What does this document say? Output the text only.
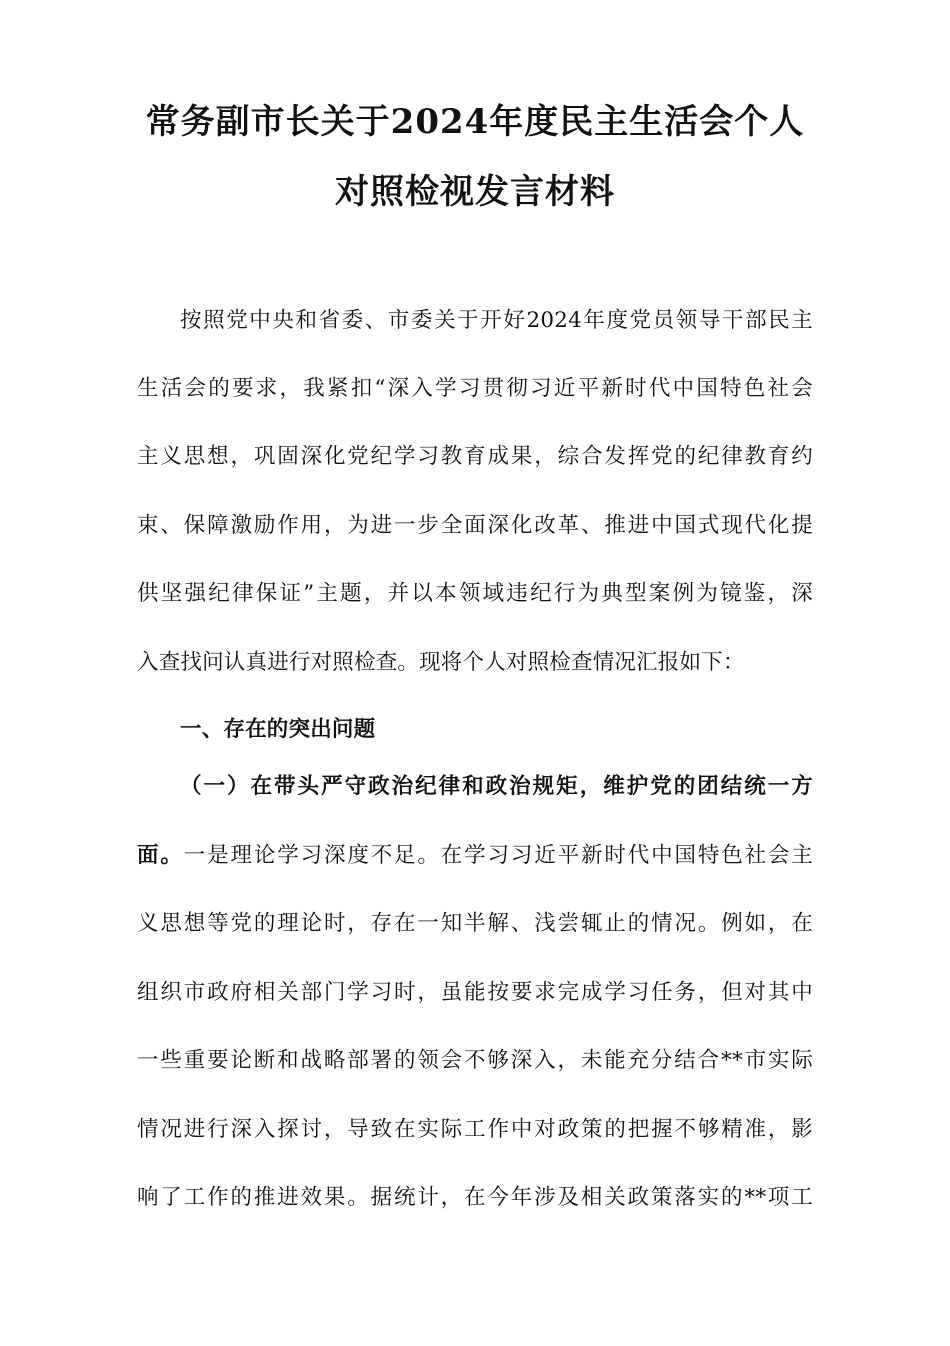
常务副市长关于2024年度民主生活会个人
对照检视发言材料
按照党中央和省委、市委关于开好2024年度党员领导干部民主
生活会的要求，我紧扣“深入学习贯彻习近平新时代中国特色社会
主义思想，巩固深化党纪学习教育成果，综合发挥党的纪律教育约
束、保障激励作用，为进一步全面深化改革、推进中国式现代化提
供坚强纪律保证”主题，并以本领域违纪行为典型案例为镜鉴，深
入查找问认真进行对照检查。现将个人对照检查情况汇报如下：
一、存在的突出问题
（一）在带头严守政治纪律和政治规矩，维护党的团结统一方
面。一是理论学习深度不足。在学习习近平新时代中国特色社会主
义思想等党的理论时，存在一知半解、浅尝辄止的情况。例如，在
组织市政府相关部门学习时，虽能按要求完成学习任务，但对其中
一些重要论断和战略部署的领会不够深入，未能充分结合**市实际
情况进行深入探讨，导致在实际工作中对政策的把握不够精准，影
响了工作的推进效果。据统计，在今年涉及相关政策落实的**项工
